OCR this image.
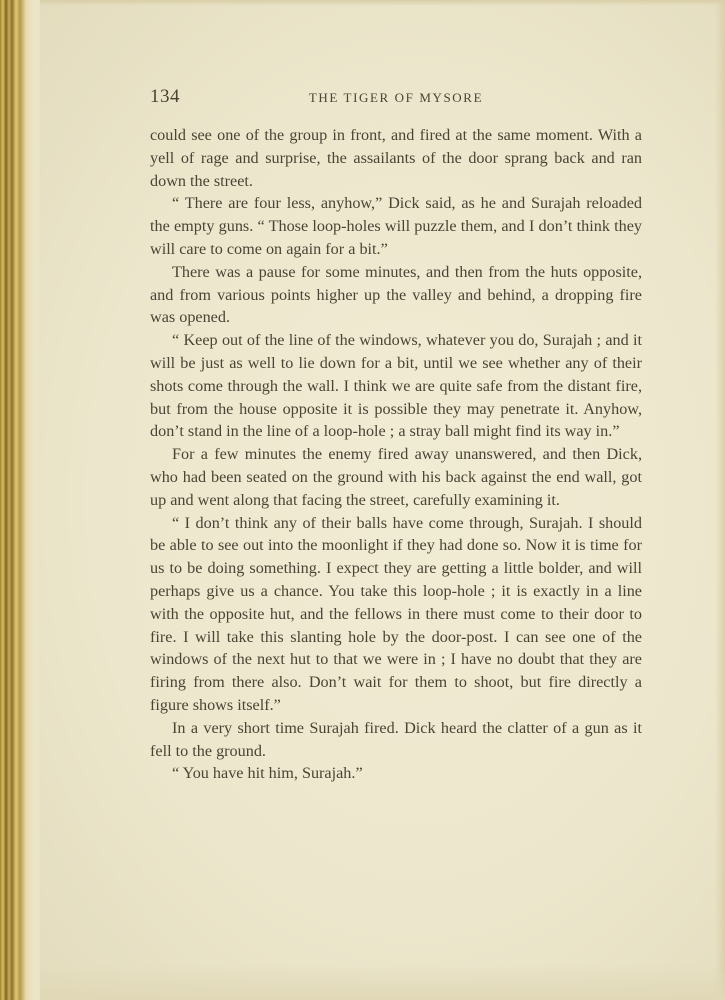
134	THE TIGER OF MYSORE

could see one of the group in front, and fired at the same moment. With a yell of rage and surprise, the assailants of the door sprang back and ran down the street.

“ There are four less, anyhow,” Dick said, as he and Surajah reloaded the empty guns. “ Those loop-holes will puzzle them, and I don’t think they will care to come on again for a bit.”

There was a pause for some minutes, and then from the huts opposite, and from various points higher up the valley and behind, a dropping fire was opened.

“ Keep out of the line of the windows, whatever you do, Surajah ; and it will be just as well to lie down for a bit, until we see whether any of their shots come through the wall. I think we are quite safe from the distant fire, but from the house opposite it is possible they may penetrate it. Anyhow, don’t stand in the line of a loop-hole ; a stray ball might find its way in.”

For a few minutes the enemy fired away unanswered, and then Dick, who had been seated on the ground with his back against the end wall, got up and went along that facing the street, carefully examining it.

“ I don’t think any of their balls have come through, Surajah. I should be able to see out into the moonlight if they had done so. Now it is time for us to be doing something. I expect they are getting a little bolder, and will perhaps give us a chance. You take this loop-hole ; it is exactly in a line with the opposite hut, and the fellows in there must come to their door to fire. I will take this slanting hole by the door-post. I can see one of the windows of the next hut to that we were in ; I have no doubt that they are firing from there also. Don’t wait for them to shoot, but fire directly a figure shows itself.”

In a very short time Surajah fired. Dick heard the clatter of a gun as it fell to the ground.

“ You have hit him, Surajah.”
